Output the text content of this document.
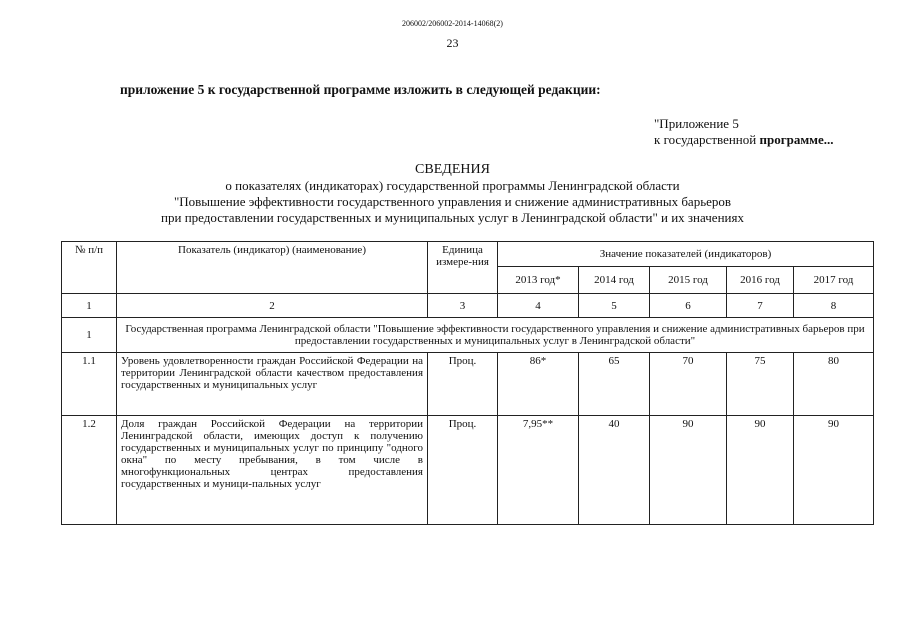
206002/206002-2014-14068(2)
23
приложение 5 к государственной программе изложить в следующей редакции:
"Приложение 5
к государственной программе...
СВЕДЕНИЯ
о показателях (индикаторах) государственной программы Ленинградской области
"Повышение эффективности государственного управления и снижение административных барьеров
при предоставлении государственных и муниципальных услуг в Ленинградской области" и их значениях
№ п/п	Показатель (индикатор) (наименование)	Единица измере-ния	Значение показателей (индикаторов)				
			2013 год*	2014 год	2015 год	2016 год	2017 год
1	2	3	4	5	6	7	8
1	Государственная программа Ленинградской области "Повышение эффективности государственного управления и снижение административных барьеров при предоставлении государственных и муниципальных услуг в Ленинградской области"						
1.1	Уровень удовлетворенности граждан Российской Федерации на территории Ленинградской области качеством предоставления государственных и муниципальных услуг	Проц.	86*	65	70	75	80
1.2	Доля граждан Российской Федерации на территории Ленинградской области, имеющих доступ к получению государственных и муниципальных услуг по принципу "одного окна" по месту пребывания, в том числе в многофункциональных центрах предоставления государственных и муници-пальных услуг	Проц.	7,95**	40	90	90	90
